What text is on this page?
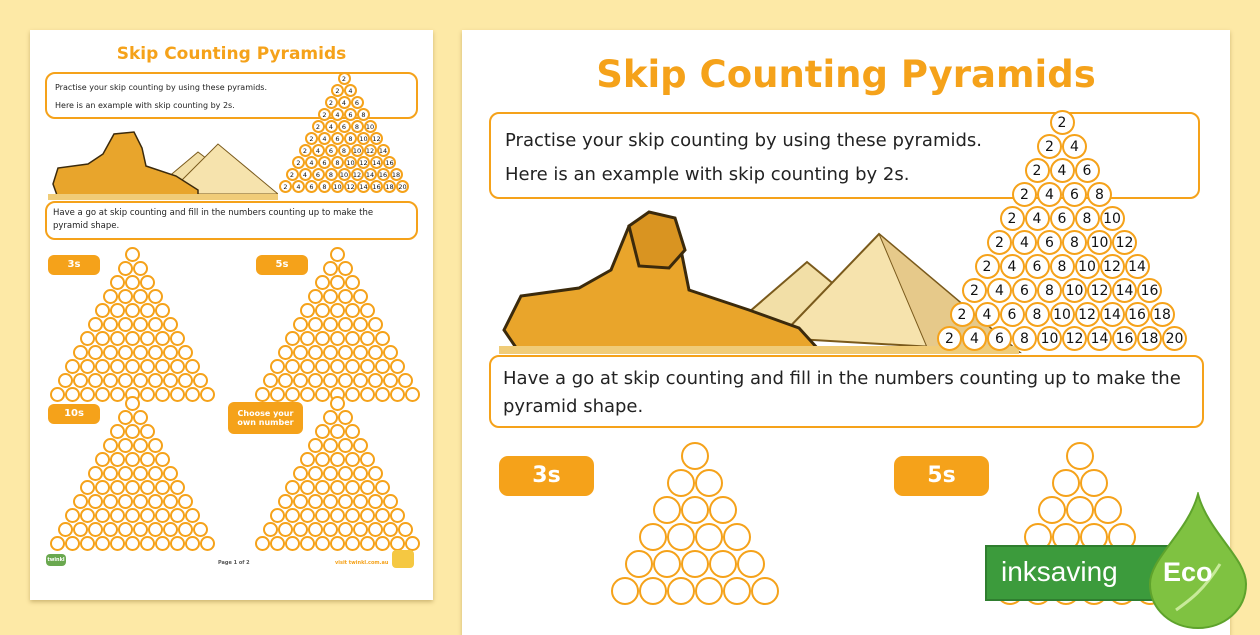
Skip Counting Pyramids

Practise your skip counting by using these pyramids.

Here is an example with skip counting by 2s.

2
2	4
2	4	6
2	4	6	8
2	4	6	8	10
2	4	6	8	10 12
2	4	6	8	10 12 14
2	4	6	8	10 12 14 16
2	4	6	8	10 12 14 16 18
2	4	6	8	10 12 14 16 18 20

Have a go at skip counting and fill in the numbers counting up to make the pyramid shape.

3s	5s
10s	Choose your own number
twinkl	Page 1 of 2	visit twinkl.com.au
Skip Counting Pyramids

Practise your skip counting by using these pyramids.

Here is an example with skip counting by 2s.

2
2	4
2	4	6
2	4	6	8
2	4	6	8 10
2	4	6	8 10 12
2	4	6	8 10 12 14
2	4	6	8 10 12 14 16
2	4	6	8 10 12 14 16 18
2	4	6	8 10 12 14 16 18 20

Have a go at skip counting and fill in the numbers counting up to make the pyramid shape.

3s	5s
inksaving Eco
